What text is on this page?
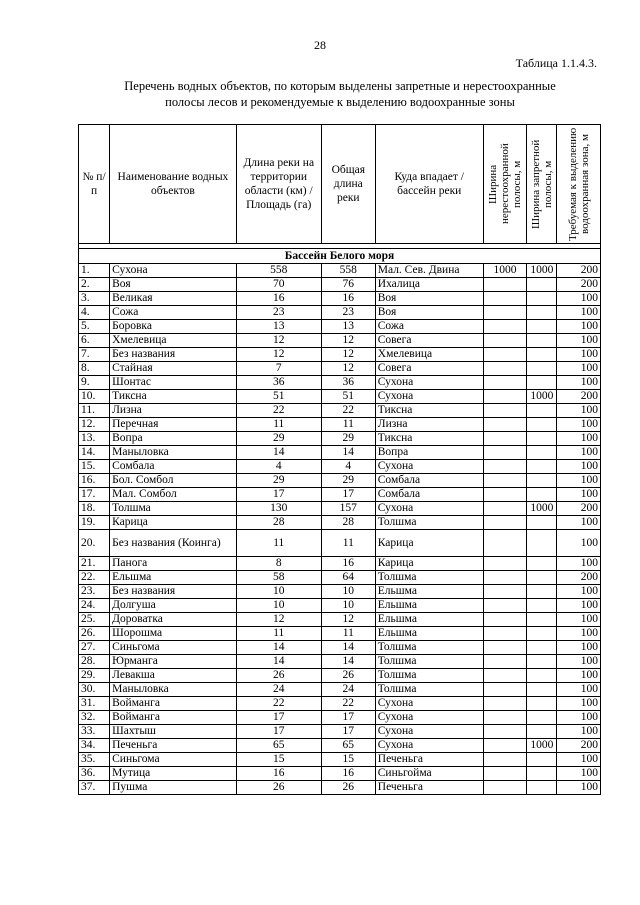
28
Таблица 1.1.4.3.
Перечень водных объектов, по которым выделены запретные и нерестоохранные
полосы лесов и рекомендуемые к выделению водоохранные зоны
№ п/п	Наименование водных объектов	Длина реки на территории области (км) / Площадь (га)	Общая длина реки	Куда впадает / бассейн реки	Ширина нерестоохранной полосы, м	Ширина запретной полосы, м	Требуемая к выделению водоохранная зона, м

Бассейн Белого моря							
1.	Сухона	558	558	Мал. Сев. Двина	1000	1000	200
2.	Воя	70	76	Ихалица			200
3.	Великая	16	16	Воя			100
4.	Сожа	23	23	Воя			100
5.	Боровка	13	13	Сожа			100
6.	Хмелевица	12	12	Совега			100
7.	Без названия	12	12	Хмелевица			100
8.	Стайная	7	12	Совега			100
9.	Шонтас	36	36	Сухона			100
10.	Тиксна	51	51	Сухона		1000	200
11.	Лизна	22	22	Тиксна			100
12.	Перечная	11	11	Лизна			100
13.	Вопра	29	29	Тиксна			100
14.	Маныловка	14	14	Вопра			100
15.	Сомбала	4	4	Сухона			100
16.	Бол. Сомбол	29	29	Сомбала			100
17.	Мал. Сомбол	17	17	Сомбала			100
18.	Толшма	130	157	Сухона		1000	200
19.	Карица	28	28	Толшма			100
20.	Без названия (Коинга)	11	11	Карица			100
21.	Панога	8	16	Карица			100
22.	Ельшма	58	64	Толшма			200
23.	Без названия	10	10	Ельшма			100
24.	Долгуша	10	10	Ельшма			100
25.	Дороватка	12	12	Ельшма			100
26.	Шорошма	11	11	Ельшма			100
27.	Синьгома	14	14	Толшма			100
28.	Юрманга	14	14	Толшма			100
29.	Левакша	26	26	Толшма			100
30.	Маныловка	24	24	Толшма			100
31.	Воймангa	22	22	Сухона			100
32.	Воймангa	17	17	Сухона			100
33.	Шахтыш	17	17	Сухона			100
34.	Печеньга	65	65	Сухона		1000	200
35.	Синьгома	15	15	Печеньга			100
36.	Мутица	16	16	Синьгойма			100
37.	Пушма	26	26	Печеньга			100
